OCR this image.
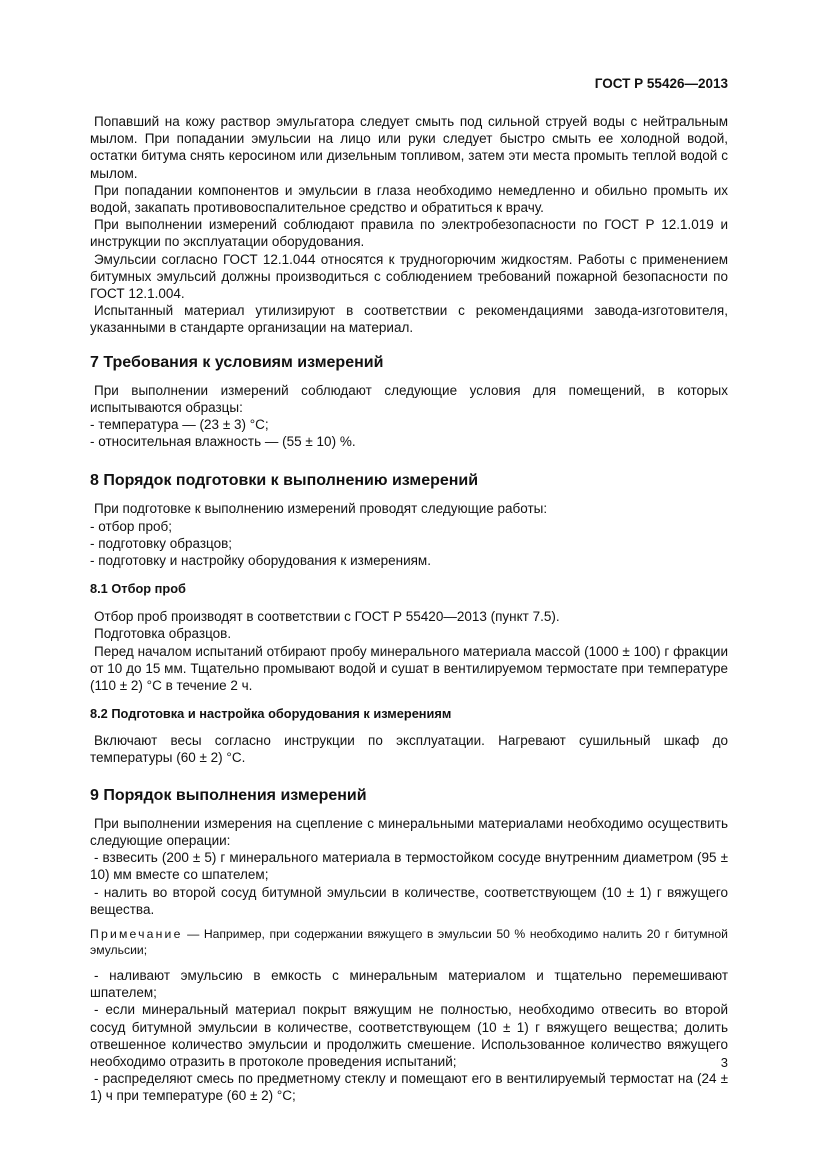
ГОСТ Р 55426—2013

Попавший на кожу раствор эмульгатора следует смыть под сильной струей воды с нейтральным мылом. При попадании эмульсии на лицо или руки следует быстро смыть ее холодной водой, остатки битума снять керосином или дизельным топливом, затем эти места промыть теплой водой с мылом.

При попадании компонентов и эмульсии в глаза необходимо немедленно и обильно промыть их водой, закапать противовоспалительное средство и обратиться к врачу.

При выполнении измерений соблюдают правила по электробезопасности по ГОСТ Р 12.1.019 и инструкции по эксплуатации оборудования.

Эмульсии согласно ГОСТ 12.1.044 относятся к трудногорючим жидкостям. Работы с применением битумных эмульсий должны производиться с соблюдением требований пожарной безопасности по ГОСТ 12.1.004.

Испытанный материал утилизируют в соответствии с рекомендациями завода-изготовителя, указанными в стандарте организации на материал.

7 Требования к условиям измерений

При выполнении измерений соблюдают следующие условия для помещений, в которых испытываются образцы:

- температура — (23 ± 3) °С;

- относительная влажность — (55 ± 10) %.

8 Порядок подготовки к выполнению измерений

При подготовке к выполнению измерений проводят следующие работы:

- отбор проб;

- подготовку образцов;

- подготовку и настройку оборудования к измерениям.

8.1 Отбор проб

Отбор проб производят в соответствии с ГОСТ Р 55420—2013 (пункт 7.5).

Подготовка образцов.

Перед началом испытаний отбирают пробу минерального материала массой (1000 ± 100) г фракции от 10 до 15 мм. Тщательно промывают водой и сушат в вентилируемом термостате при температуре (110 ± 2) °С в течение 2 ч.

8.2 Подготовка и настройка оборудования к измерениям

Включают весы согласно инструкции по эксплуатации. Нагревают сушильный шкаф до температуры (60 ± 2) °С.

9 Порядок выполнения измерений

При выполнении измерения на сцепление с минеральными материалами необходимо осуществить следующие операции:

- взвесить (200 ± 5) г минерального материала в термостойком сосуде внутренним диаметром (95 ± 10) мм вместе со шпателем;

- налить во второй сосуд битумной эмульсии в количестве, соответствующем (10 ± 1) г вяжущего вещества.

Примечание — Например, при содержании вяжущего в эмульсии 50 % необходимо налить 20 г битумной эмульсии;

- наливают эмульсию в емкость с минеральным материалом и тщательно перемешивают шпателем;

- если минеральный материал покрыт вяжущим не полностью, необходимо отвесить во второй сосуд битумной эмульсии в количестве, соответствующем (10 ± 1) г вяжущего вещества; долить отвешенное количество эмульсии и продолжить смешение. Использованное количество вяжущего необходимо отразить в протоколе проведения испытаний;

- распределяют смесь по предметному стеклу и помещают его в вентилируемый термостат на (24 ± 1) ч при температуре (60 ± 2) °С;

3
